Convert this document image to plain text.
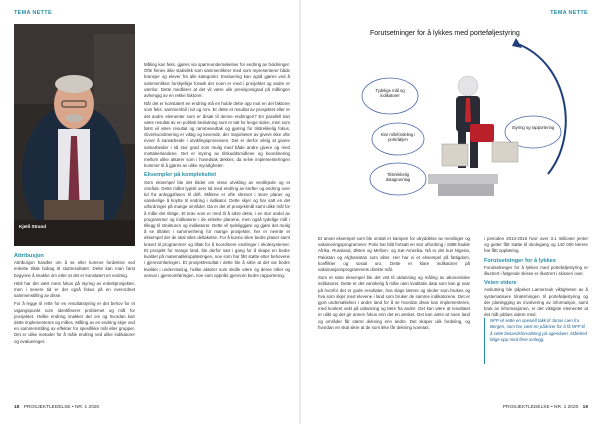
TEMA NETTE	TEMA NETTE
Kjetil Strand
Attribusjon

Attribusjon handler om å se eller komme fordelene ved enkelte tiltak bidrag til sluttresultatet. Dette kan man først begynne å snakke om etter at det er konstatert en endring.

Hittil har det vært mest fokus på styring av enkeltprosjekter, men i senere tid er det også fokus på en overordnet sammenstilling av disse.

For å legge til rette for en resultatstyring er det behov for et utgangspunkt som identifiserer problemet og mål for prosjektet. Hvilke endring snakker det om og hvordan kan dette implementeres og måles. Måling av en endring skjer ved en sammenstilling av effekter for spesifikke mål eller grupper. Det er ulike metoder for å måle endring ved ulike indikatorer og evalueringer.

Måling kan feks. gjøres via spørreundersøkelser for endring av holdninger. Ofte finnes ikke statistikk som sammenlikner med som representerer både bransjer og elever fra alle kategorier. Evaluering kan også gjøres ved å sammenlikne forskjellige forsøk der noen er med i prosjektet og andre er utenfor. Dette medfører at det vil være ulik presisjonsgrad på målingen avhengig av en rekke faktorer.

Når det er konstatert en endring må en holde dette opp mot en del faktorer som feks. sammenfall i tid og rom. Er dette et resultat av prosjektet eller er det andre elementer som er årsak til denne endringen? En parallell kan være resultat av en politisk beslutning som er tatt for lenge siden, men som først vil være resultat og rammevedtak og gjøring for tilstrekkelig fokus. Giverkoordinering er viktig og kevende, der majoriteten av givere ikke ofte evner å samarbeide i utviklingsprosessen. Det er derfor viktig at givere samarbeider i så stor grad som mulig med både andre givere og med mottakerlandene. Det er styring av tilskuddsmidlene og koordinering mellom ulike aktører som i hovedsak dekkes, da selve implementeringen kommer til å gjøres av ulike myndigheter.

Eksempler på kompleksitet

Som eksempel ble det bildet om visse utvikling av verdikjede og et område. Dette målet typisk over tid med endring av krefter og endring over tid fra anleggsfasen til drift. Målene er ofte skrevet i store planer og vanskelige å knytte til endring i indikator. Dette skjer og har satt en del utfordringer på mange områder. Da er det et prosjektmål samt ulike mål for å måle det riktige. Et krav som er med til å sikre dette, i en stor andel av programmer og indikatorer i de enkelte planene, men også tydelige mål i tillegg til strukturen og indikatorer. Dette vil tydeliggjøre og gjøre det mulig å se tiltaket i sammenheng for mange prosjekter, her er nevnte et eksempel der de skal sikre deltakelse. For å kunne sikre bedre planer samt kravet til programmer og tiltak for å koordinere endringer i skolesystemer. Et prosjekt for mange land, ble derfor satt i gang for å skape en bedre kvalitet på matematikkopplæringen, noe som har fått støtte etter behovene i gjennomføringen. Et prosjektresultat i dette ble å sikre at det var bedre kvalitet i undervisning, hvilke aktører som skulle være og deres roller og ansvar i gjennomføringen, noe som oppnås gjennom bedre rapportering.

Forutsetninger for å lykkes med porteføljestyring
Tydelige mål og indikatorer
Klar rollefordeling i porteføljen
Tilstrekkelig datagrunnlag
Styring og rapportering

Et annet eksempel som ble omtalt er kampen for utryddelse av meslinger og vaksineringsprogrammer. Polio har blitt fortsatt en stor utfordring i 1988 hadde Afrika, Russland, Østen og Mellom- og Sør-Amerika. Nå er det kun Nigeria, Pakistan og Afghanistan som sliter. Her har vi et eksempel på fattigdom, konflikter og sosial uro. Dette er klare indikatorer på vaksinasjonsprogrammets direkte mål.

Som et siste eksempel ble det vist til utdanning og måling av økonomiske indikatorer. Dette er det vanskelig å måle uten kvalitativ data som kan gi svar på hvorfor det er gode resultater, hva slags lærere og skoler som brukes og hva som skjer med elevene i land som bruker de samme indikatorene. Det er gjort undersøkelser i andre land for å se hvordan disse kan implementeres, med konkret vekt på utdanning og lære fra andre. Det kan være at resultatet er ulikt og det gir annen fokus enn det en ønsket. Det kan være at noen land og områder får større dekning enn andre. Det skaper ulik fordeling, og hvordan en skal sikre at de som ikke får dekning ivaretas.

i perioden 2013-2016 hvor over 3.1 millioner jenter og gutter fått støtte til skolegang og 140 000 lærere har fått opplæring.

Forutsetninger for å lykkes

Forutsetninger for å lykkes med porteføljestyring er illustrert i følgende skisse er illustrert i skissen over.

Veien videre

Avslutning ble påpeket Lamerreuk viktigheten av å systematisere tilnærmingen til porteføljestyring og der planlegging av involvering av informasjon, samt bruk av informasjonen, er det viktigste elementet at det mål jobbes videre med.

NFP vil sette en spesiell takk til Jonas Lien fra Bergen, som har vært en pådriver for å få NFP til å sette bistandsforvaltning på agendaen. Måletind følge opp med flere innlegg.
18 PROSJEKTLEDELSE • NR. 1 2020	PROSJEKTLEDELSE • NR. 1 2020 19
